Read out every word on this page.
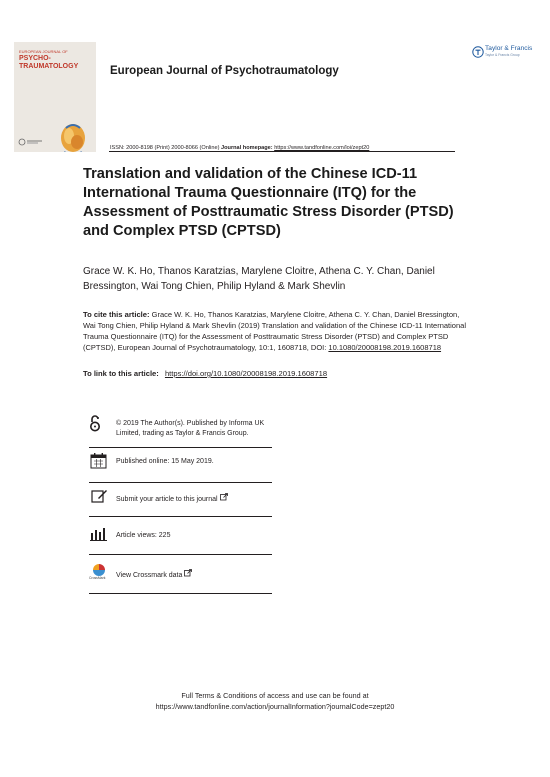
EUROPEAN JOURNAL OF
PSYCHO-
TRAUMATOLOGY
Taylor & Francis
Taylor & Francis Group
European Journal of Psychotraumatology
ISSN: 2000-8198 (Print) 2000-8066 (Online) Journal homepage: https://www.tandfonline.com/loi/zept20
Translation and validation of the Chinese ICD-11 International Trauma Questionnaire (ITQ) for the Assessment of Posttraumatic Stress Disorder (PTSD) and Complex PTSD (CPTSD)
Grace W. K. Ho, Thanos Karatzias, Marylene Cloitre, Athena C. Y. Chan, Daniel Bressington, Wai Tong Chien, Philip Hyland & Mark Shevlin
To cite this article: Grace W. K. Ho, Thanos Karatzias, Marylene Cloitre, Athena C. Y. Chan, Daniel Bressington, Wai Tong Chien, Philip Hyland & Mark Shevlin (2019) Translation and validation of the Chinese ICD-11 International Trauma Questionnaire (ITQ) for the Assessment of Posttraumatic Stress Disorder (PTSD) and Complex PTSD (CPTSD), European Journal of Psychotraumatology, 10:1, 1608718, DOI: 10.1080/20008198.2019.1608718
To link to this article: https://doi.org/10.1080/20008198.2019.1608718
© 2019 The Author(s). Published by Informa UK Limited, trading as Taylor & Francis Group.
Published online: 15 May 2019.
Submit your article to this journal
Article views: 225
CrossMark View Crossmark data
Full Terms & Conditions of access and use can be found at
https://www.tandfonline.com/action/journalInformation?journalCode=zept20
